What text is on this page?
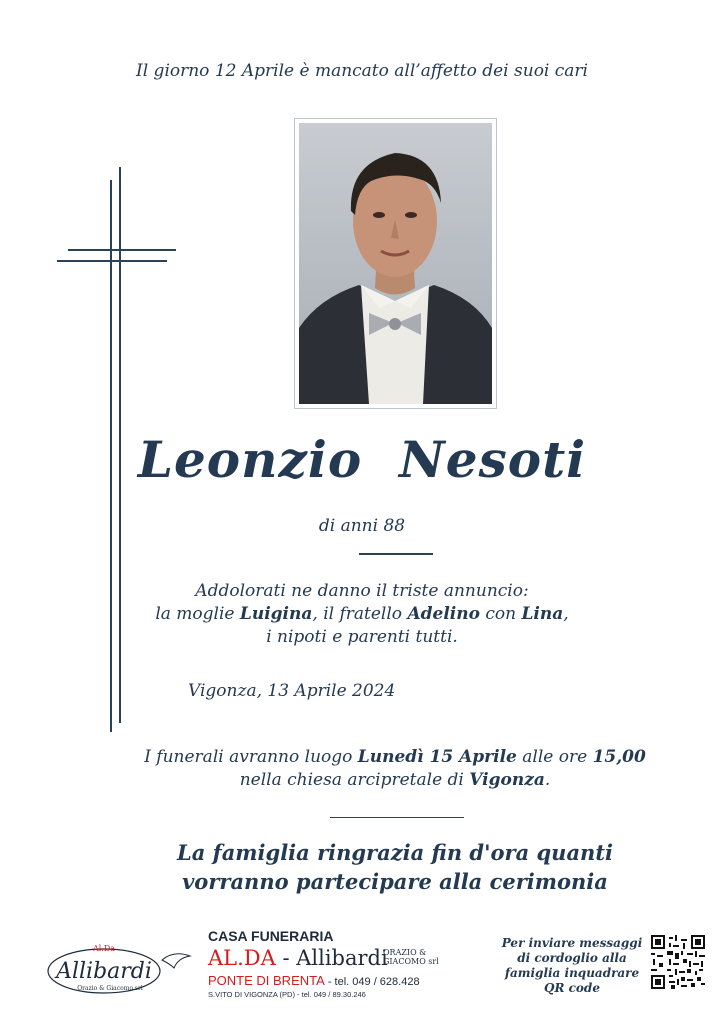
Il giorno 12 Aprile è mancato all’affetto dei suoi cari
Leonzio  Nesoti
di anni 88
Addolorati ne danno il triste annuncio:
la moglie Luigina, il fratello Adelino con Lina,
i nipoti e parenti tutti.
Vigonza, 13 Aprile 2024
I funerali avranno luogo Lunedì 15 Aprile alle ore 15,00
nella chiesa arcipretale di Vigonza.
La famiglia ringrazia fin d'ora quanti
vorranno partecipare alla cerimonia
Al.Da
Allibardi
Orazio & Giacomo srl
CASA FUNERARIA
AL.DA - Allibardi
ORAZIO &
GIACOMO srl
PONTE DI BRENTA - tel. 049 / 628.428
S.VITO DI VIGONZA (PD) - tel. 049 / 89.30.246
Per inviare messaggi di cordoglio alla famiglia inquadrare QR code
